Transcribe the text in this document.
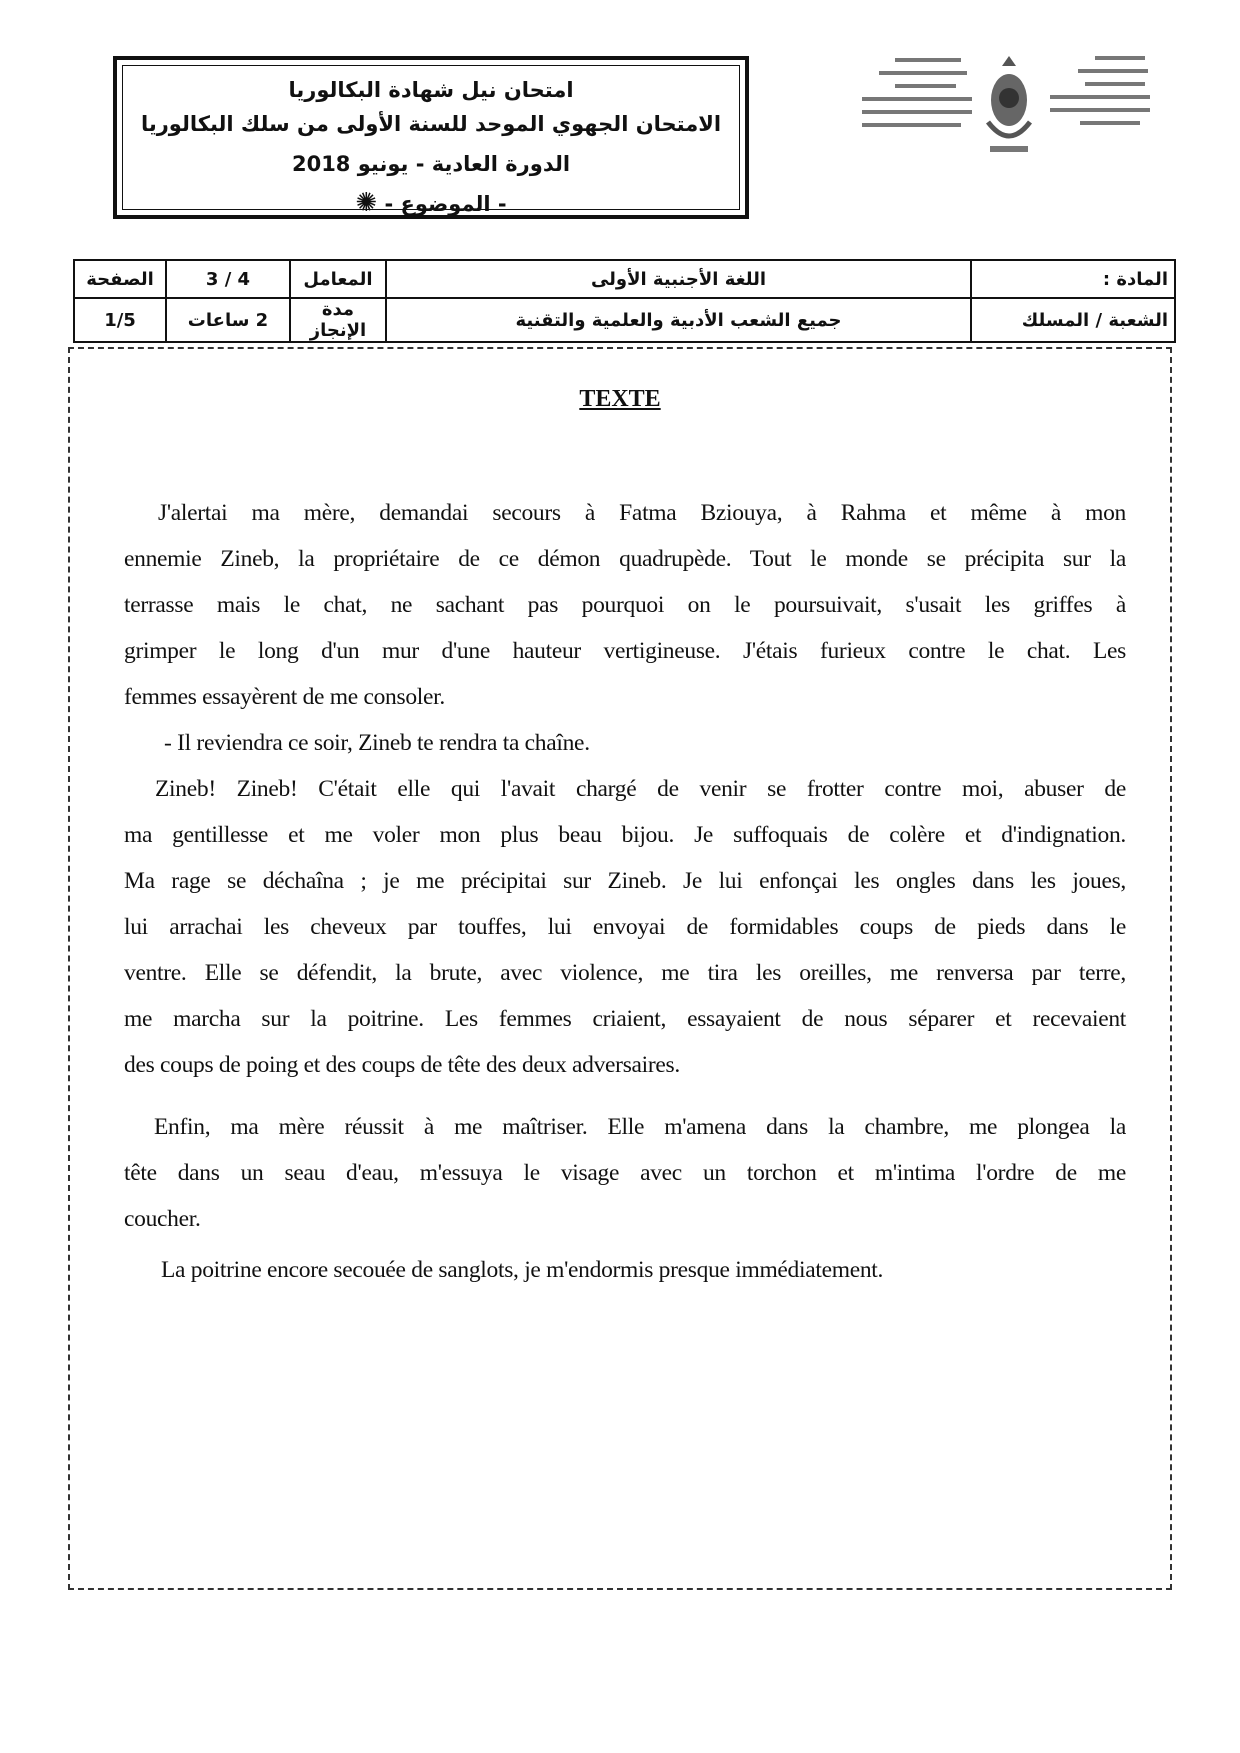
امتحان نيل شهادة البكالوريا
الامتحان الجهوي الموحد للسنة الأولى من سلك البكالوريا
الدورة العادية - يونيو 2018
- الموضوع - ✺
المادة :	اللغة الأجنبية الأولى	المعامل	4 / 3	الصفحة
الشعبة / المسلك	جميع الشعب الأدبية والعلمية والتقنية	مدة الإنجاز	2 ساعات	1/5
TEXTE
J'alertai ma mère, demandai secours à Fatma Bziouya, à Rahma et même à mon
ennemie Zineb, la propriétaire de ce démon quadrupède. Tout le monde se précipita sur la
terrasse mais le chat, ne sachant pas pourquoi on le poursuivait, s'usait les griffes à
grimper le long d'un mur d'une hauteur vertigineuse. J'étais furieux contre le chat. Les
femmes essayèrent de me consoler.
- Il reviendra ce soir, Zineb te rendra ta chaîne.
Zineb! Zineb! C'était elle qui l'avait chargé de venir se frotter contre moi, abuser de
ma gentillesse et me voler mon plus beau bijou. Je suffoquais de colère et d'indignation.
Ma rage se déchaîna ; je me précipitai sur Zineb. Je lui enfonçai les ongles dans les joues,
lui arrachai les cheveux par touffes, lui envoyai de formidables coups de pieds dans le
ventre. Elle se défendit, la brute, avec violence, me tira les oreilles, me renversa par terre,
me marcha sur la poitrine. Les femmes criaient, essayaient de nous séparer et recevaient
des coups de poing et des coups de tête des deux adversaires.
Enfin, ma mère réussit à me maîtriser. Elle m'amena dans la chambre, me plongea la
tête dans un seau d'eau, m'essuya le visage avec un torchon et m'intima l'ordre de me
coucher.
La poitrine encore secouée de sanglots, je m'endormis presque immédiatement.
